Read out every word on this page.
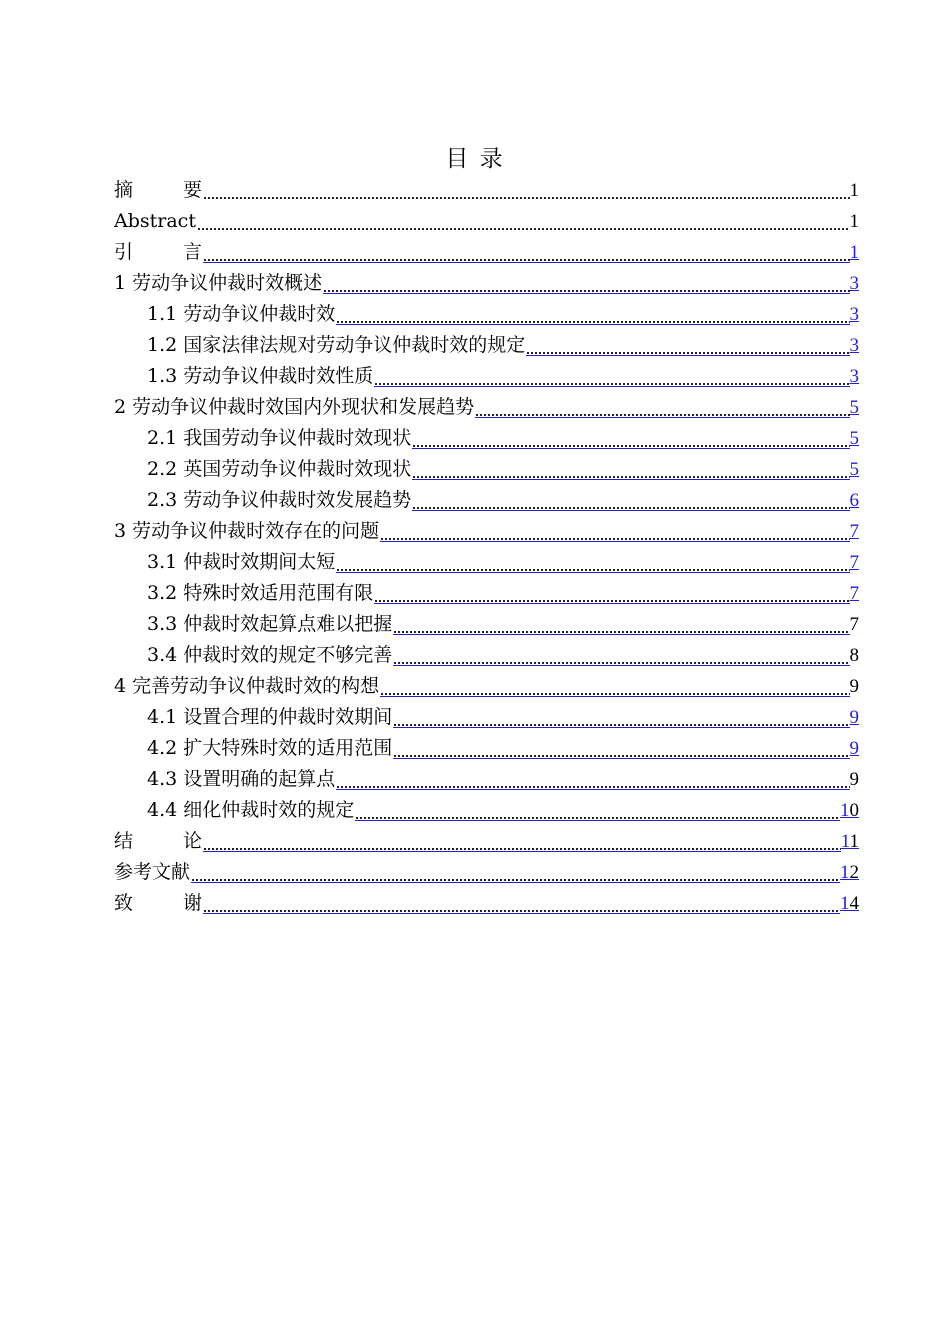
目 录
摘	要	1
Abstract	1
引	言	1
1 劳动争议仲裁时效概述	3
1.1 劳动争议仲裁时效	3
1.2 国家法律法规对劳动争议仲裁时效的规定	3
1.3 劳动争议仲裁时效性质	3
2 劳动争议仲裁时效国内外现状和发展趋势	5
2.1 我国劳动争议仲裁时效现状	5
2.2 英国劳动争议仲裁时效现状	5
2.3 劳动争议仲裁时效发展趋势	6
3 劳动争议仲裁时效存在的问题	7
3.1 仲裁时效期间太短	7
3.2 特殊时效适用范围有限	7
3.3 仲裁时效起算点难以把握	7
3.4 仲裁时效的规定不够完善	8
4 完善劳动争议仲裁时效的构想	9
4.1 设置合理的仲裁时效期间	9
4.2 扩大特殊时效的适用范围	9
4.3 设置明确的起算点	9
4.4 细化仲裁时效的规定	10
结	论	11
参考文献	12
致	谢	14
